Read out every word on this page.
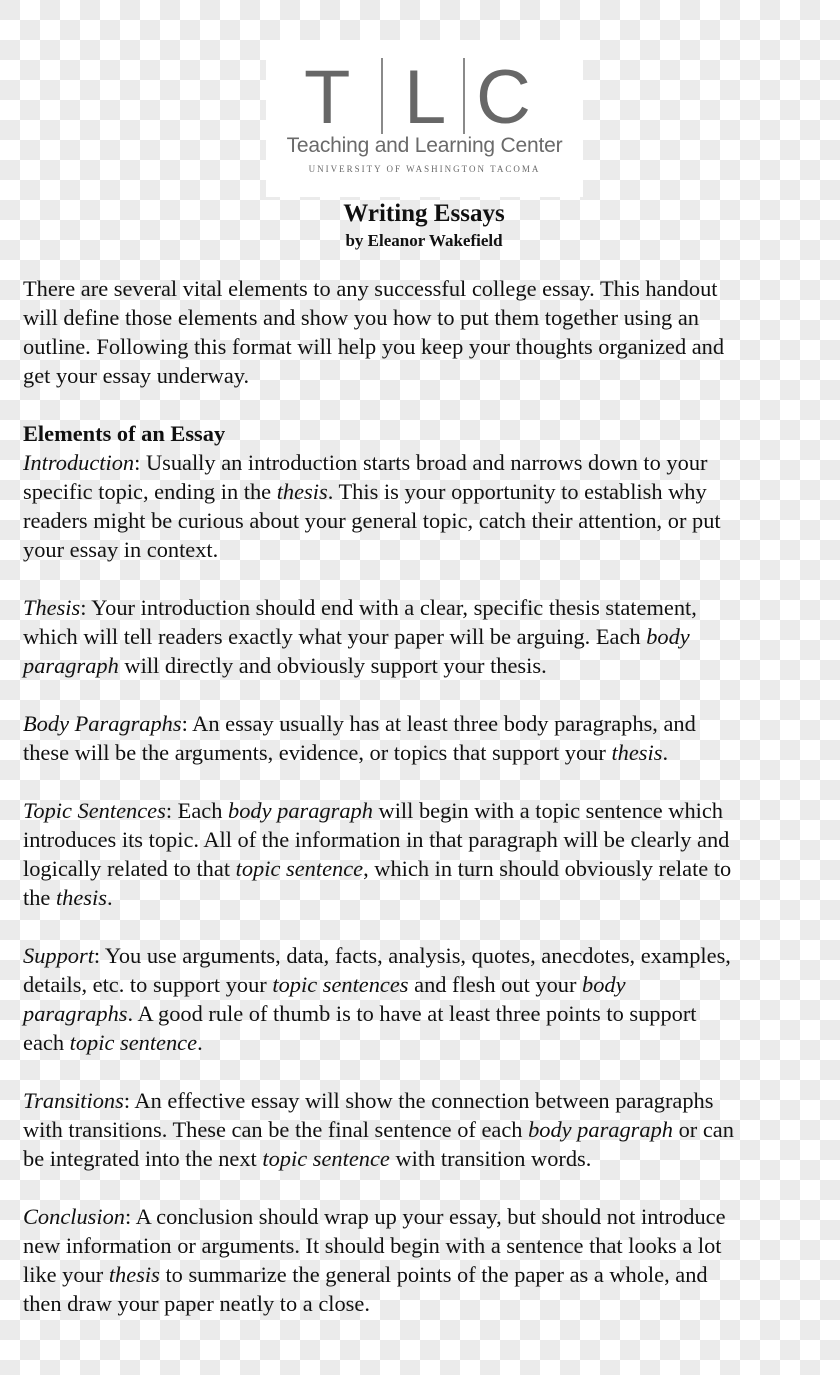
T L C
Teaching and Learning Center
UNIVERSITY OF WASHINGTON TACOMA
Writing Essays
by Eleanor Wakefield
There are several vital elements to any successful college essay. This handout
will define those elements and show you how to put them together using an
outline. Following this format will help you keep your thoughts organized and
get your essay underway.
Elements of an Essay
Introduction: Usually an introduction starts broad and narrows down to your
specific topic, ending in the thesis. This is your opportunity to establish why
readers might be curious about your general topic, catch their attention, or put
your essay in context.
Thesis: Your introduction should end with a clear, specific thesis statement,
which will tell readers exactly what your paper will be arguing. Each body
paragraph will directly and obviously support your thesis.
Body Paragraphs: An essay usually has at least three body paragraphs, and
these will be the arguments, evidence, or topics that support your thesis.
Topic Sentences: Each body paragraph will begin with a topic sentence which
introduces its topic. All of the information in that paragraph will be clearly and
logically related to that topic sentence, which in turn should obviously relate to
the thesis.
Support: You use arguments, data, facts, analysis, quotes, anecdotes, examples,
details, etc. to support your topic sentences and flesh out your body
paragraphs. A good rule of thumb is to have at least three points to support
each topic sentence.
Transitions: An effective essay will show the connection between paragraphs
with transitions. These can be the final sentence of each body paragraph or can
be integrated into the next topic sentence with transition words.
Conclusion: A conclusion should wrap up your essay, but should not introduce
new information or arguments. It should begin with a sentence that looks a lot
like your thesis to summarize the general points of the paper as a whole, and
then draw your paper neatly to a close.
